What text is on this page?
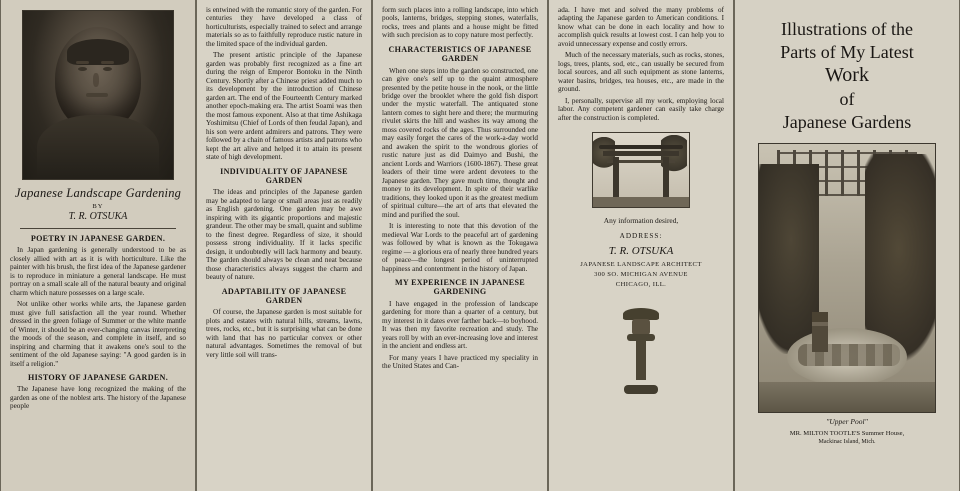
Japanese Landscape Gardening
BY
T. R. OTSUKA
POETRY IN JAPANESE GARDEN.

In Japan gardening is generally understood to be as closely allied with art as it is with horticulture. Like the painter with his brush, the first idea of the Japanese gardener is to reproduce in miniature a general landscape. He must portray on a small scale all of the natural beauty and original charm which nature possesses on a large scale.

Not unlike other works while arts, the Japanese garden must give full satisfaction all the year round. Whether dressed in the green foliage of Summer or the white mantle of Winter, it should be an ever-changing canvas interpreting the moods of the season, and complete in itself, and so inspiring and charming that it awakens one's soul to the sentiment of the old Japanese saying: "A good garden is in itself a religion."

HISTORY OF JAPANESE GARDEN.

The Japanese have long recognized the making of the garden as one of the noblest arts. The history of the Japanese people

is entwined with the romantic story of the garden. For centuries they have developed a class of horticulturists, especially trained to select and arrange materials so as to faithfully reproduce rustic nature in the limited space of the individual garden.

The present artistic principle of the Japanese garden was probably first recognized as a fine art during the reign of Emperor Bontoku in the Ninth Century. Shortly after a Chinese priest added much to its development by the introduction of Chinese garden art. The end of the Fourteenth Century marked another epoch-making era. The artist Soami was then the most famous exponent. Also at that time Ashikaga Yoshimitsu (Chief of Lords of then feudal Japan), and his son were ardent admirers and patrons. They were followed by a chain of famous artists and patrons who kept the art alive and helped it to attain its present state of high development.

INDIVIDUALITY OF JAPANESE GARDEN

The ideas and principles of the Japanese garden may be adapted to large or small areas just as readily as English gardening. One garden may be awe inspiring with its gigantic proportions and majestic grandeur. The other may be small, quaint and sublime to the finest degree. Regardless of size, it should possess strong individuality. If it lacks specific design, it undoubtedly will lack harmony and beauty. The garden should always be clean and neat because those characteristics always suggest the charm and beauty of nature.

ADAPTABILITY OF JAPANESE GARDEN

Of course, the Japanese garden is most suitable for plots and estates with natural hills, streams, lawns, trees, rocks, etc., but it is surprising what can be done with land that has no particular convex or other natural advantages. Sometimes the removal of but very little soil will trans-

form such places into a rolling landscape, into which pools, lanterns, bridges, stepping stones, waterfalls, rocks, trees and plants and a house might be fitted with such precision as to copy nature most perfectly.

CHARACTERISTICS OF JAPANESE GARDEN

When one steps into the garden so constructed, one can give one's self up to the quaint atmosphere presented by the petite house in the nook, or the little bridge over the brooklet where the gold fish disport under the mystic waterfall. The antiquated stone lantern comes to sight here and there; the murmuring rivulet skirts the hill and washes its way among the moss covered rocks of the ages. Thus surrounded one may easily forget the cares of the work-a-day world and awaken the spirit to the wondrous glories of rustic nature just as did Daimyo and Bushi, the ancient Lords and Warriors (1600-1867). These great leaders of their time were ardent devotees to the Japanese garden. They gave much time, thought and money to its development. In spite of their warlike traditions, they looked upon it as the greatest medium of spiritual culture—the art of arts that elevated the mind and purified the soul.

It is interesting to note that this devotion of the medieval War Lords to the peaceful art of gardening was followed by what is known as the Tokugawa regime — a glorious era of nearly three hundred years of peace—the longest period of uninterrupted happiness and contentment in the history of Japan.

MY EXPERIENCE IN JAPANESE GARDENING

I have engaged in the profession of landscape gardening for more than a quarter of a century, but my interest in it dates ever farther back—to boyhood. It was then my favorite recreation and study. The years roll by with an ever-increasing love and interest in the ancient and endless art.

For many years I have practiced my speciality in the United States and Can-

ada. I have met and solved the many problems of adapting the Japanese garden to American conditions. I know what can be done in each locality and how to accomplish quick results at lowest cost. I can help you to avoid unnecessary expense and costly errors.

Much of the necessary materials, such as rocks, stones, logs, trees, plants, sod, etc., can usually be secured from local sources, and all such equipment as stone lanterns, water basins, bridges, tea houses, etc., are made in the ground.

I, personally, supervise all my work, employing local labor. Any competent gardener can easily take charge after the construction is completed.

Any information desired,
ADDRESS:
T. R. OTSUKA
JAPANESE LANDSCAPE ARCHITECT
300 SO. MICHIGAN AVENUE
CHICAGO, ILL.
Illustrations of the
Parts of My Latest

Work
of
Japanese Gardens
"Upper Pool"
MR. MILTON TOOTLE'S Summer House,
Mackinac Island, Mich.
